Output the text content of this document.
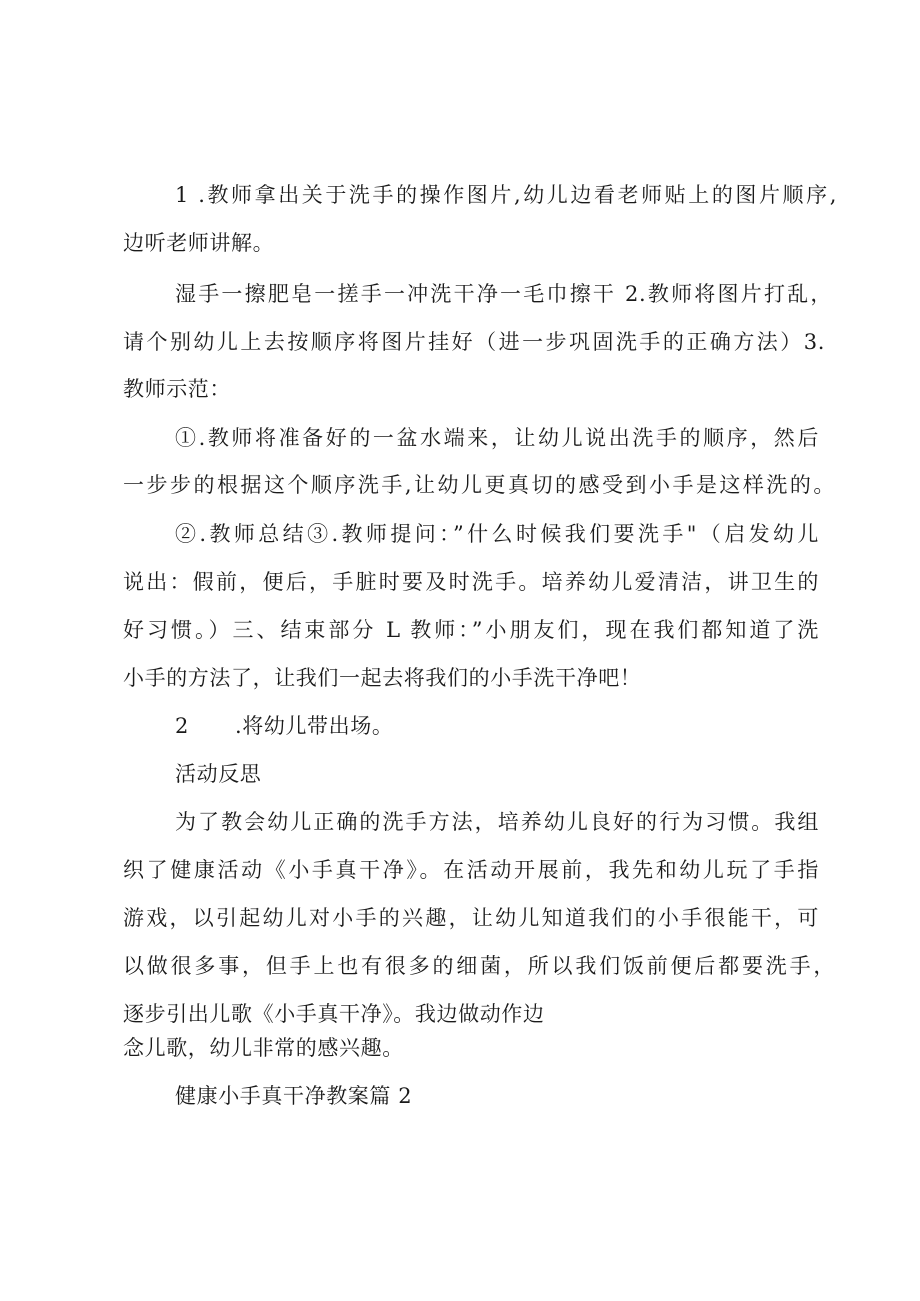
1 .教师拿出关于洗手的操作图片,幼儿边看老师贴上的图片顺序,
边听老师讲解。
湿手一擦肥皂一搓手一冲洗干净一毛巾擦干 2.教师将图片打乱，
请个别幼儿上去按顺序将图片挂好（进一步巩固洗手的正确方法）3.
教师示范：
①.教师将准备好的一盆水端来，让幼儿说出洗手的顺序，然后
一步步的根据这个顺序洗手,让幼儿更真切的感受到小手是这样洗的。
②.教师总结③.教师提问：”什么时候我们要洗手"（启发幼儿
说出：假前，便后，手脏时要及时洗手。培养幼儿爱清洁，讲卫生的
好习惯。）三、结束部分 L 教师：”小朋友们，现在我们都知道了洗
小手的方法了，让我们一起去将我们的小手洗干净吧！
2 .将幼儿带出场。
活动反思
为了教会幼儿正确的洗手方法，培养幼儿良好的行为习惯。我组
织了健康活动《小手真干净》。在活动开展前，我先和幼儿玩了手指
游戏，以引起幼儿对小手的兴趣，让幼儿知道我们的小手很能干，可
以做很多事，但手上也有很多的细菌，所以我们饭前便后都要洗手，
逐步引出儿歌《小手真干净》。我边做动作边
念儿歌，幼儿非常的感兴趣。
健康小手真干净教案篇 2
